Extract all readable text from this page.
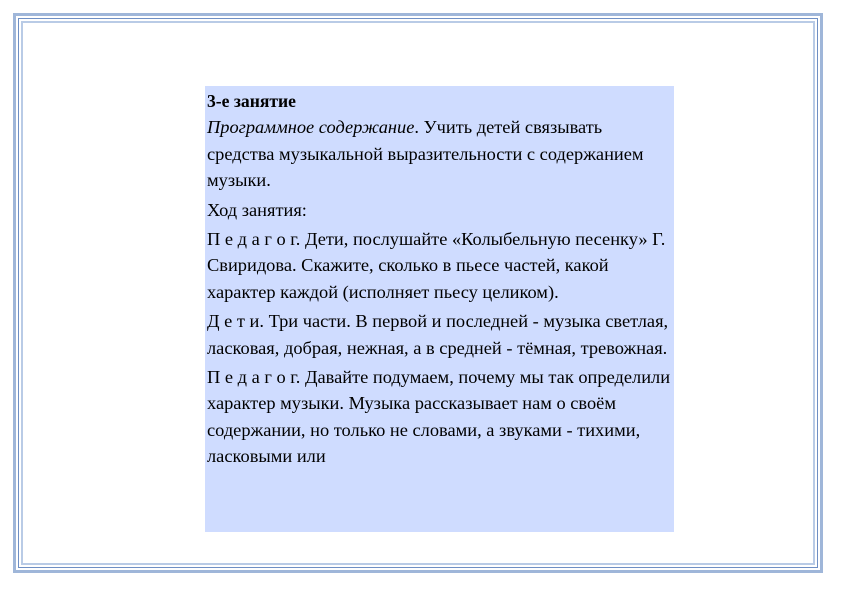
3-е занятие

Программное содержание. Учить детей связывать средства музыкальной выразительности с содержанием музыки.

Ход занятия:

П е д а г о г. Дети, послушайте «Колыбельную песенку» Г. Свиридова. Скажите, сколько в пьесе частей, какой характер каждой (исполняет пьесу целиком).

Д е т и. Три части. В первой и последней - музыка светлая, ласковая, добрая, нежная, а в средней - тёмная, тревожная.

П е д а г о г. Давайте подумаем, почему мы так определили характер музыки. Музыка рассказывает нам о своём содержании, но только не словами, а звуками - тихими, ласковыми или
